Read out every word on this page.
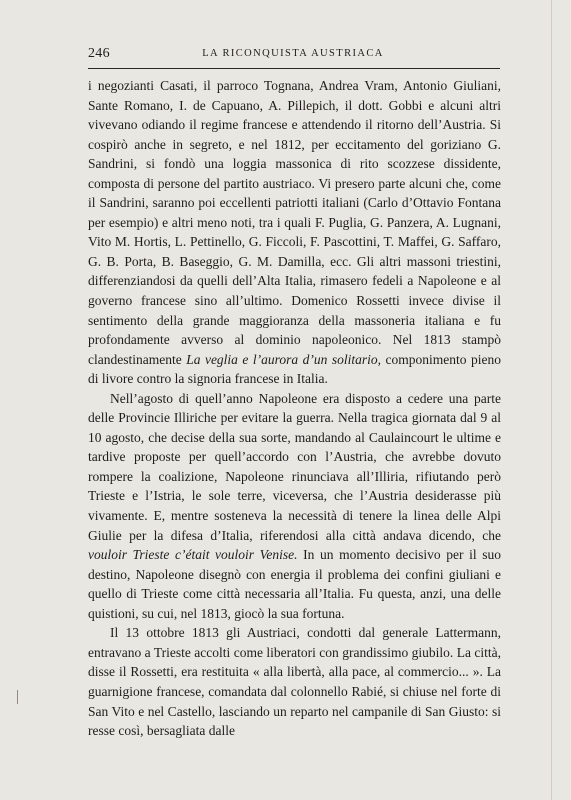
246	LA RICONQUISTA AUSTRIACA

i negozianti Casati, il parroco Tognana, Andrea Vram, Antonio Giuliani, Sante Romano, I. de Capuano, A. Pillepich, il dott. Gobbi e alcuni altri vivevano odiando il regime francese e attendendo il ritorno dell’Austria. Si cospirò anche in segreto, e nel 1812, per eccitamento del goriziano G. Sandrini, si fondò una loggia massonica di rito scozzese dissidente, composta di persone del partito austriaco. Vi presero parte alcuni che, come il Sandrini, saranno poi eccellenti patriotti italiani (Carlo d’Ottavio Fontana per esempio) e altri meno noti, tra i quali F. Puglia, G. Panzera, A. Lugnani, Vito M. Hortis, L. Pettinello, G. Ficcoli, F. Pascottini, T. Maffei, G. Saffaro, G. B. Porta, B. Baseggio, G. M. Damilla, ecc. Gli altri massoni triestini, differenziandosi da quelli dell’Alta Italia, rimasero fedeli a Napoleone e al governo francese sino all’ultimo. Domenico Rossetti invece divise il sentimento della grande maggioranza della massoneria italiana e fu profondamente avverso al dominio napoleonico. Nel 1813 stampò clandestinamente La veglia e l’aurora d’un solitario, componimento pieno di livore contro la signoria francese in Italia.

Nell’agosto di quell’anno Napoleone era disposto a cedere una parte delle Provincie Illiriche per evitare la guerra. Nella tragica giornata dal 9 al 10 agosto, che decise della sua sorte, mandando al Caulaincourt le ultime e tardive proposte per quell’accordo con l’Austria, che avrebbe dovuto rompere la coalizione, Napoleone rinunciava all’Illiria, rifiutando però Trieste e l’Istria, le sole terre, viceversa, che l’Austria desiderasse più vivamente. E, mentre sosteneva la necessità di tenere la linea delle Alpi Giulie per la difesa d’Italia, riferendosi alla città andava dicendo, che vouloir Trieste c’était vouloir Venise. In un momento decisivo per il suo destino, Napoleone disegnò con energia il problema dei confini giuliani e quello di Trieste come città necessaria all’Italia. Fu questa, anzi, una delle quistioni, su cui, nel 1813, giocò la sua fortuna.

Il 13 ottobre 1813 gli Austriaci, condotti dal generale Lattermann, entravano a Trieste accolti come liberatori con grandissimo giubilo. La città, disse il Rossetti, era restituita « alla libertà, alla pace, al commercio... ». La guarnigione francese, comandata dal colonnello Rabié, si chiuse nel forte di San Vito e nel Castello, lasciando un reparto nel campanile di San Giusto: si resse così, bersagliata dalle
